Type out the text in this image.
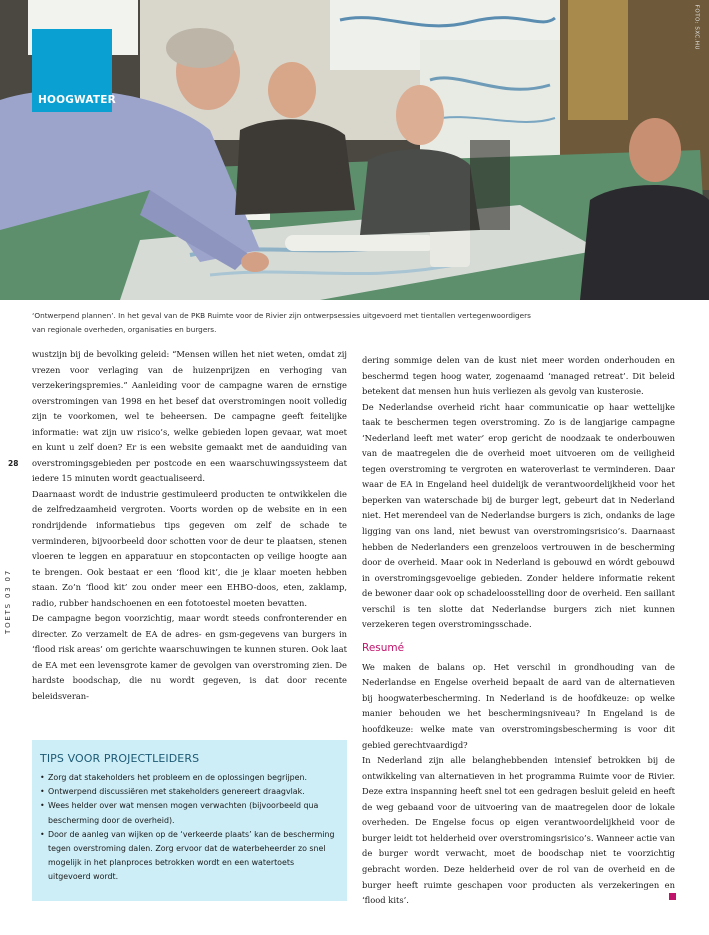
HOOGWATER
FOTO: SXC.HU
‘Ontwerpend plannen’. In het geval van de PKB Ruimte voor de Rivier zijn ontwerpsessies uitgevoerd met tientallen vertegenwoordigers
van regionale overheden, organisaties en burgers.
28
TOETS 03 07

wustzijn bij de bevolking geleid: “Mensen willen het niet weten, omdat zij vrezen voor verlaging van de huizenprijzen en verhoging van verzekeringspremies.” Aanleiding voor de campagne waren de ernstige overstromingen van 1998 en het besef dat overstromingen nooit volledig zijn te voorkomen, wel te beheersen. De campagne geeft feitelijke informatie: wat zijn uw risico’s, welke gebieden lopen gevaar, wat moet en kunt u zelf doen? Er is een website gemaakt met de aanduiding van overstromingsgebieden per postcode en een waarschuwingssysteem dat iedere 15 minuten wordt geactualiseerd.

Daarnaast wordt de industrie gestimuleerd producten te ontwikkelen die de zelfredzaamheid vergroten. Voorts worden op de website en in een rondrijdende informatiebus tips gegeven om zelf de schade te verminderen, bijvoorbeeld door schotten voor de deur te plaatsen, stenen vloeren te leggen en apparatuur en stopcontacten op veilige hoogte aan te brengen. Ook bestaat er een ‘flood kit’, die je klaar moeten hebben staan. Zo’n ‘flood kit’ zou onder meer een EHBO-doos, eten, zaklamp, radio, rubber handschoenen en een fototoestel moeten bevatten.

De campagne begon voorzichtig, maar wordt steeds confronterender en directer. Zo verzamelt de EA de adres- en gsm-gegevens van burgers in ‘flood risk areas’ om gerichte waarschuwingen te kunnen sturen. Ook laat de EA met een levensgrote kamer de gevolgen van overstroming zien. De hardste boodschap, die nu wordt gegeven, is dat door recente beleidsveran-

TIPS VOOR PROJECTLEIDERS
• Zorg dat stakeholders het probleem en de oplossingen begrijpen.
• Ontwerpend discussiëren met stakeholders genereert draagvlak.
• Wees helder over wat mensen mogen verwachten (bijvoorbeeld qua bescherming door de overheid).
• Door de aanleg van wijken op de ‘verkeerde plaats’ kan de bescherming tegen overstroming dalen. Zorg ervoor dat de waterbeheerder zo snel mogelijk in het planproces betrokken wordt en een watertoets uitgevoerd wordt.

dering sommige delen van de kust niet meer worden onderhouden en beschermd tegen hoog water, zogenaamd ‘managed retreat’. Dit beleid betekent dat mensen hun huis verliezen als gevolg van kusterosie.

De Nederlandse overheid richt haar communicatie op haar wettelijke taak te beschermen tegen overstroming. Zo is de langjarige campagne ‘Nederland leeft met water’ erop gericht de noodzaak te onderbouwen van de maatregelen die de overheid moet uitvoeren om de veiligheid tegen overstroming te vergroten en wateroverlast te verminderen. Daar waar de EA in Engeland heel duidelijk de verantwoordelijkheid voor het beperken van waterschade bij de burger legt, gebeurt dat in Nederland niet. Het merendeel van de Nederlandse burgers is zich, ondanks de lage ligging van ons land, niet bewust van overstromingsrisico’s. Daarnaast hebben de Nederlanders een grenzeloos vertrouwen in de bescherming door de overheid. Maar ook in Nederland is gebouwd en wórdt gebouwd in overstromingsgevoelige gebieden. Zonder heldere informatie rekent de bewoner daar ook op schadeloosstelling door de overheid. Een saillant verschil is ten slotte dat Nederlandse burgers zich niet kunnen verzekeren tegen overstromingsschade.

Resumé

We maken de balans op. Het verschil in grondhouding van de Nederlandse en Engelse overheid bepaalt de aard van de alternatieven bij hoogwaterbescherming. In Nederland is de hoofdkeuze: op welke manier behouden we het beschermingsniveau? In Engeland is de hoofdkeuze: welke mate van overstromingsbescherming is voor dit gebied gerechtvaardigd?

In Nederland zijn alle belanghebbenden intensief betrokken bij de ontwikkeling van alternatieven in het programma Ruimte voor de Rivier. Deze extra inspanning heeft snel tot een gedragen besluit geleid en heeft de weg gebaand voor de uitvoering van de maatregelen door de lokale overheden. De Engelse focus op eigen verantwoordelijkheid voor de burger leidt tot helderheid over overstromingsrisico’s. Wanneer actie van de burger wordt verwacht, moet de boodschap niet te voorzichtig gebracht worden. Deze helderheid over de rol van de overheid en de burger heeft ruimte geschapen voor producten als verzekeringen en ‘flood kits’.
